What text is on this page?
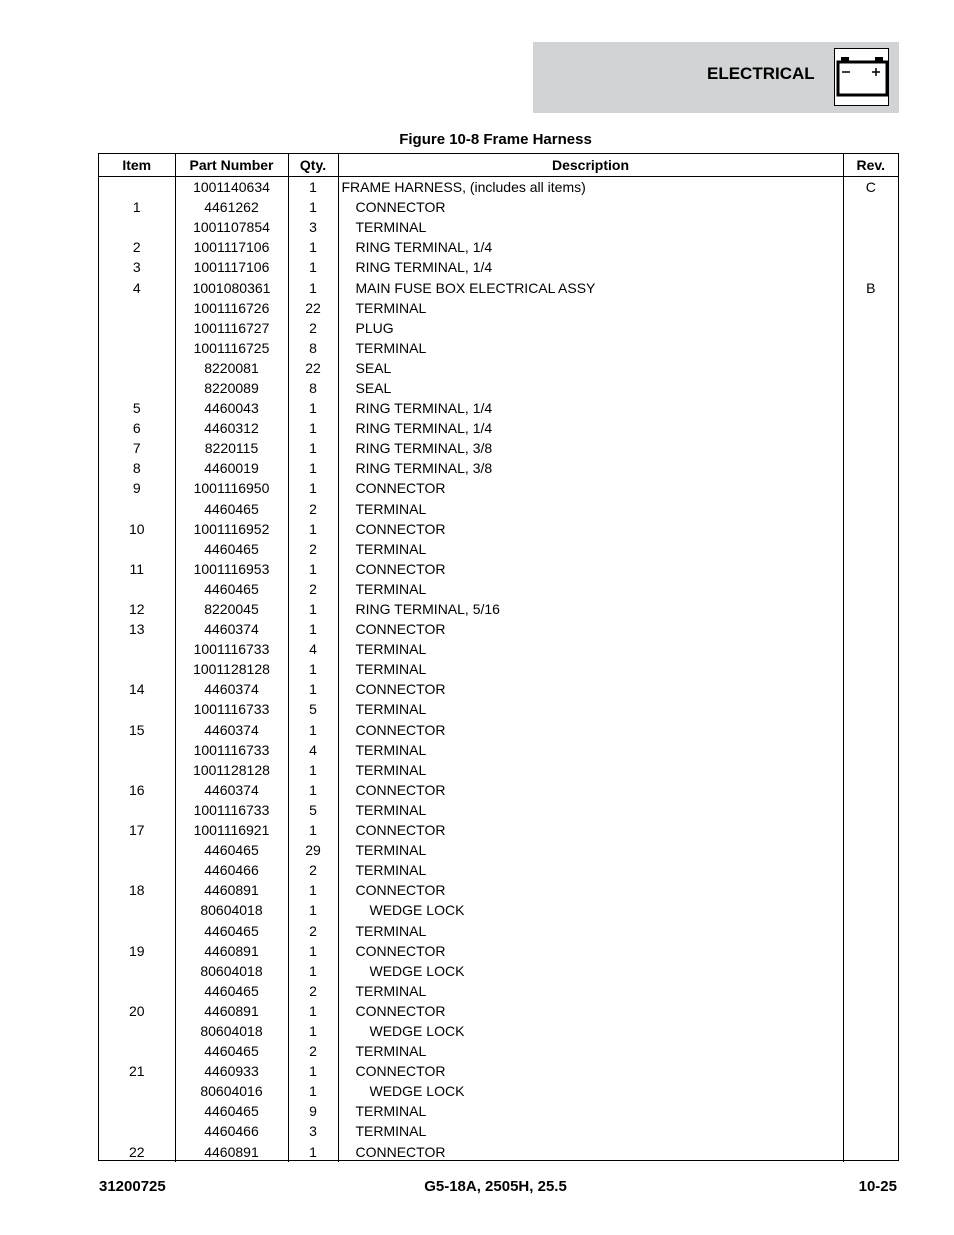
ELECTRICAL
Figure 10-8 Frame Harness
Item	Part Number	Qty.	Description	Rev.
	1001140634	1	FRAME HARNESS, (includes all items)	C
1	4461262	1	CONNECTOR	
	1001107854	3	TERMINAL	
2	1001117106	1	RING TERMINAL, 1/4	
3	1001117106	1	RING TERMINAL, 1/4	
4	1001080361	1	MAIN FUSE BOX ELECTRICAL ASSY	B
	1001116726	22	TERMINAL	
	1001116727	2	PLUG	
	1001116725	8	TERMINAL	
	8220081	22	SEAL	
	8220089	8	SEAL	
5	4460043	1	RING TERMINAL, 1/4	
6	4460312	1	RING TERMINAL, 1/4	
7	8220115	1	RING TERMINAL, 3/8	
8	4460019	1	RING TERMINAL, 3/8	
9	1001116950	1	CONNECTOR	
	4460465	2	TERMINAL	
10	1001116952	1	CONNECTOR	
	4460465	2	TERMINAL	
11	1001116953	1	CONNECTOR	
	4460465	2	TERMINAL	
12	8220045	1	RING TERMINAL, 5/16	
13	4460374	1	CONNECTOR	
	1001116733	4	TERMINAL	
	1001128128	1	TERMINAL	
14	4460374	1	CONNECTOR	
	1001116733	5	TERMINAL	
15	4460374	1	CONNECTOR	
	1001116733	4	TERMINAL	
	1001128128	1	TERMINAL	
16	4460374	1	CONNECTOR	
	1001116733	5	TERMINAL	
17	1001116921	1	CONNECTOR	
	4460465	29	TERMINAL	
	4460466	2	TERMINAL	
18	4460891	1	CONNECTOR	
	80604018	1	WEDGE LOCK	
	4460465	2	TERMINAL	
19	4460891	1	CONNECTOR	
	80604018	1	WEDGE LOCK	
	4460465	2	TERMINAL	
20	4460891	1	CONNECTOR	
	80604018	1	WEDGE LOCK	
	4460465	2	TERMINAL	
21	4460933	1	CONNECTOR	
	80604016	1	WEDGE LOCK	
	4460465	9	TERMINAL	
	4460466	3	TERMINAL	
22	4460891	1	CONNECTOR	
31200725	G5-18A, 2505H, 25.5	10-25
